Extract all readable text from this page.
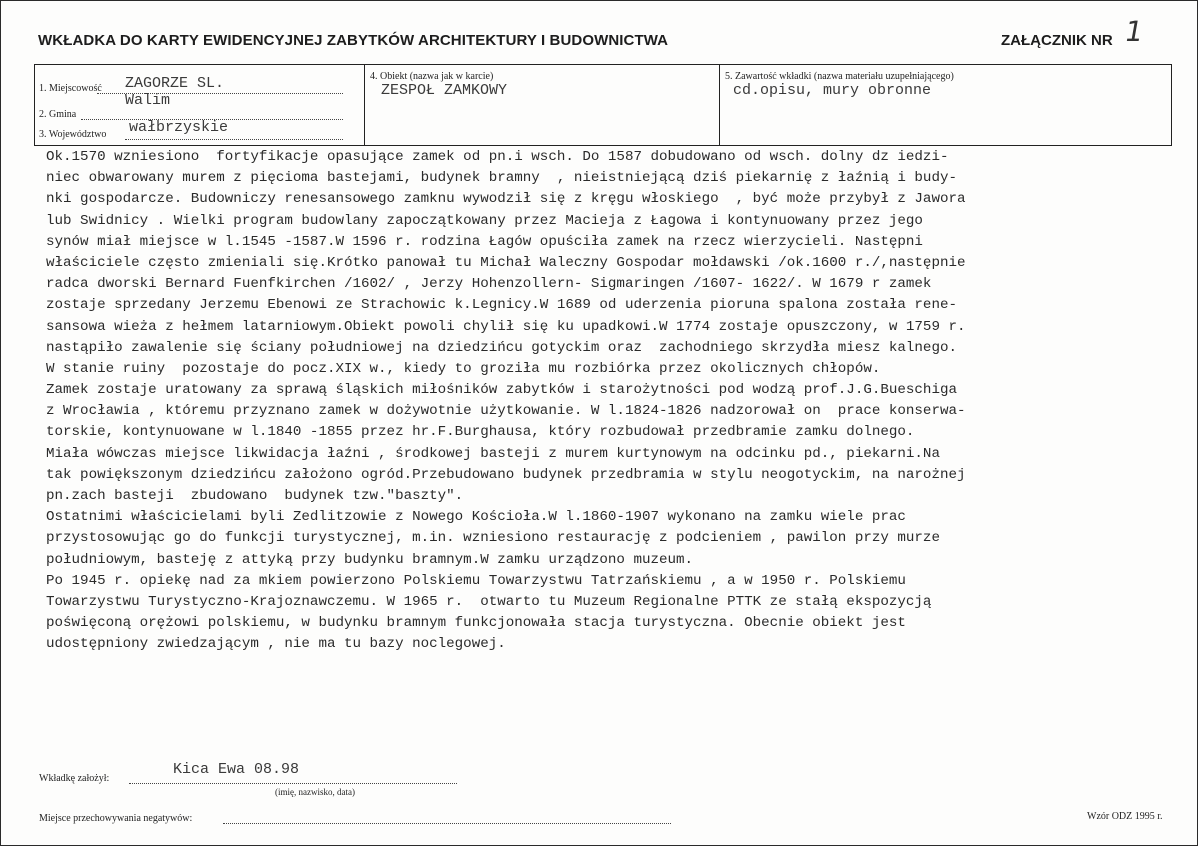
WKŁADKA DO KARTY EWIDENCYJNEJ ZABYTKÓW ARCHITEKTURY I BUDOWNICTWA	ZAŁĄCZNIK NR 1
1. Miejscowość ZAGORZE SL.
2. Gmina
Walim
3. Województwo wałbrzyskie
4. Obiekt (nazwa jak w karcie)
ZESPOŁ ZAMKOWY
5. Zawartość wkładki (nazwa materiału uzupełniającego)
cd.opisu, mury obronne
Ok.1570 wzniesiono  fortyfikacje opasujące zamek od pn.i wsch. Do 1587 dobudowano od wsch. dolny dz iedzi-
niec obwarowany murem z pięcioma bastejami, budynek bramny  , nieistniejącą dziś piekarnię z łaźnią i budy-
nki gospodarcze. Budowniczy renesansowego zamknu wywodził się z kręgu włoskiego  , być może przybył z Jawora
lub Swidnicy . Wielki program budowlany zapoczątkowany przez Macieja z Łagowa i kontynuowany przez jego
synów miał miejsce w l.1545 -1587.W 1596 r. rodzina Łagów opuściła zamek na rzecz wierzycieli. Następni
właściciele często zmieniali się.Krótko panował tu Michał Waleczny Gospodar mołdawski /ok.1600 r./,następnie
radca dworski Bernard Fuenfkirchen /1602/ , Jerzy Hohenzollern- Sigmaringen /1607- 1622/. W 1679 r zamek
zostaje sprzedany Jerzemu Ebenowi ze Strachowic k.Legnicy.W 1689 od uderzenia pioruna spalona została rene-
sansowa wieża z hełmem latarniowym.Obiekt powoli chylił się ku upadkowi.W 1774 zostaje opuszczony, w 1759 r.
nastąpiło zawalenie się ściany południowej na dziedzińcu gotyckim oraz  zachodniego skrzydła miesz kalnego.
W stanie ruiny  pozostaje do pocz.XIX w., kiedy to groziła mu rozbiórka przez okolicznych chłopów.
Zamek zostaje uratowany za sprawą śląskich miłośników zabytków i starożytności pod wodzą prof.J.G.Bueschiga
z Wrocławia , któremu przyznano zamek w dożywotnie użytkowanie. W l.1824-1826 nadzorował on  prace konserwa-
torskie, kontynuowane w l.1840 -1855 przez hr.F.Burghausa, który rozbudował przedbramie zamku dolnego.
Miała wówczas miejsce likwidacja łaźni , środkowej basteji z murem kurtynowym na odcinku pd., piekarni.Na
tak powiększonym dziedzińcu założono ogród.Przebudowano budynek przedbramia w stylu neogotyckim, na narożnej
pn.zach basteji  zbudowano  budynek tzw."baszty".
Ostatnimi właścicielami byli Zedlitzowie z Nowego Kościoła.W l.1860-1907 wykonano na zamku wiele prac
przystosowując go do funkcji turystycznej, m.in. wzniesiono restaurację z podcieniem , pawilon przy murze
południowym, basteję z attyką przy budynku bramnym.W zamku urządzono muzeum.
Po 1945 r. opiekę nad za mkiem powierzono Polskiemu Towarzystwu Tatrzańskiemu , a w 1950 r. Polskiemu
Towarzystwu Turystyczno-Krajoznawczemu. W 1965 r.  otwarto tu Muzeum Regionalne PTTK ze stałą ekspozycją
poświęconą orężowi polskiemu, w budynku bramnym funkcjonowała stacja turystyczna. Obecnie obiekt jest
udostępniony zwiedzającym , nie ma tu bazy noclegowej.
Wkładkę założył:
Kica Ewa 08.98
(imię, nazwisko, data)
Miejsce przechowywania negatywów:	Wzór ODZ 1995 r.
